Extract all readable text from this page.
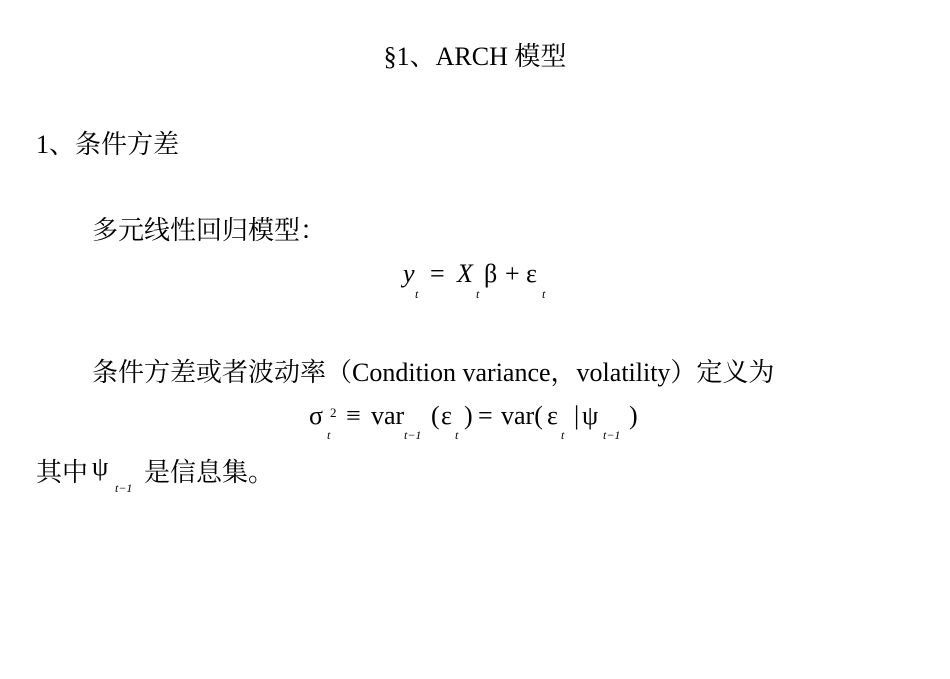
§1、ARCH 模型
1、条件方差
多元线性回归模型：
y
t
= X
t
β + ε
t
条件方差或者波动率（Condition variance，volatility）定义为
σ 2
t
≡ var
t−1
( ε
t
) = var( ε
t
| ψ
t−1
)
其中 ψ
t−1
是信息集。
